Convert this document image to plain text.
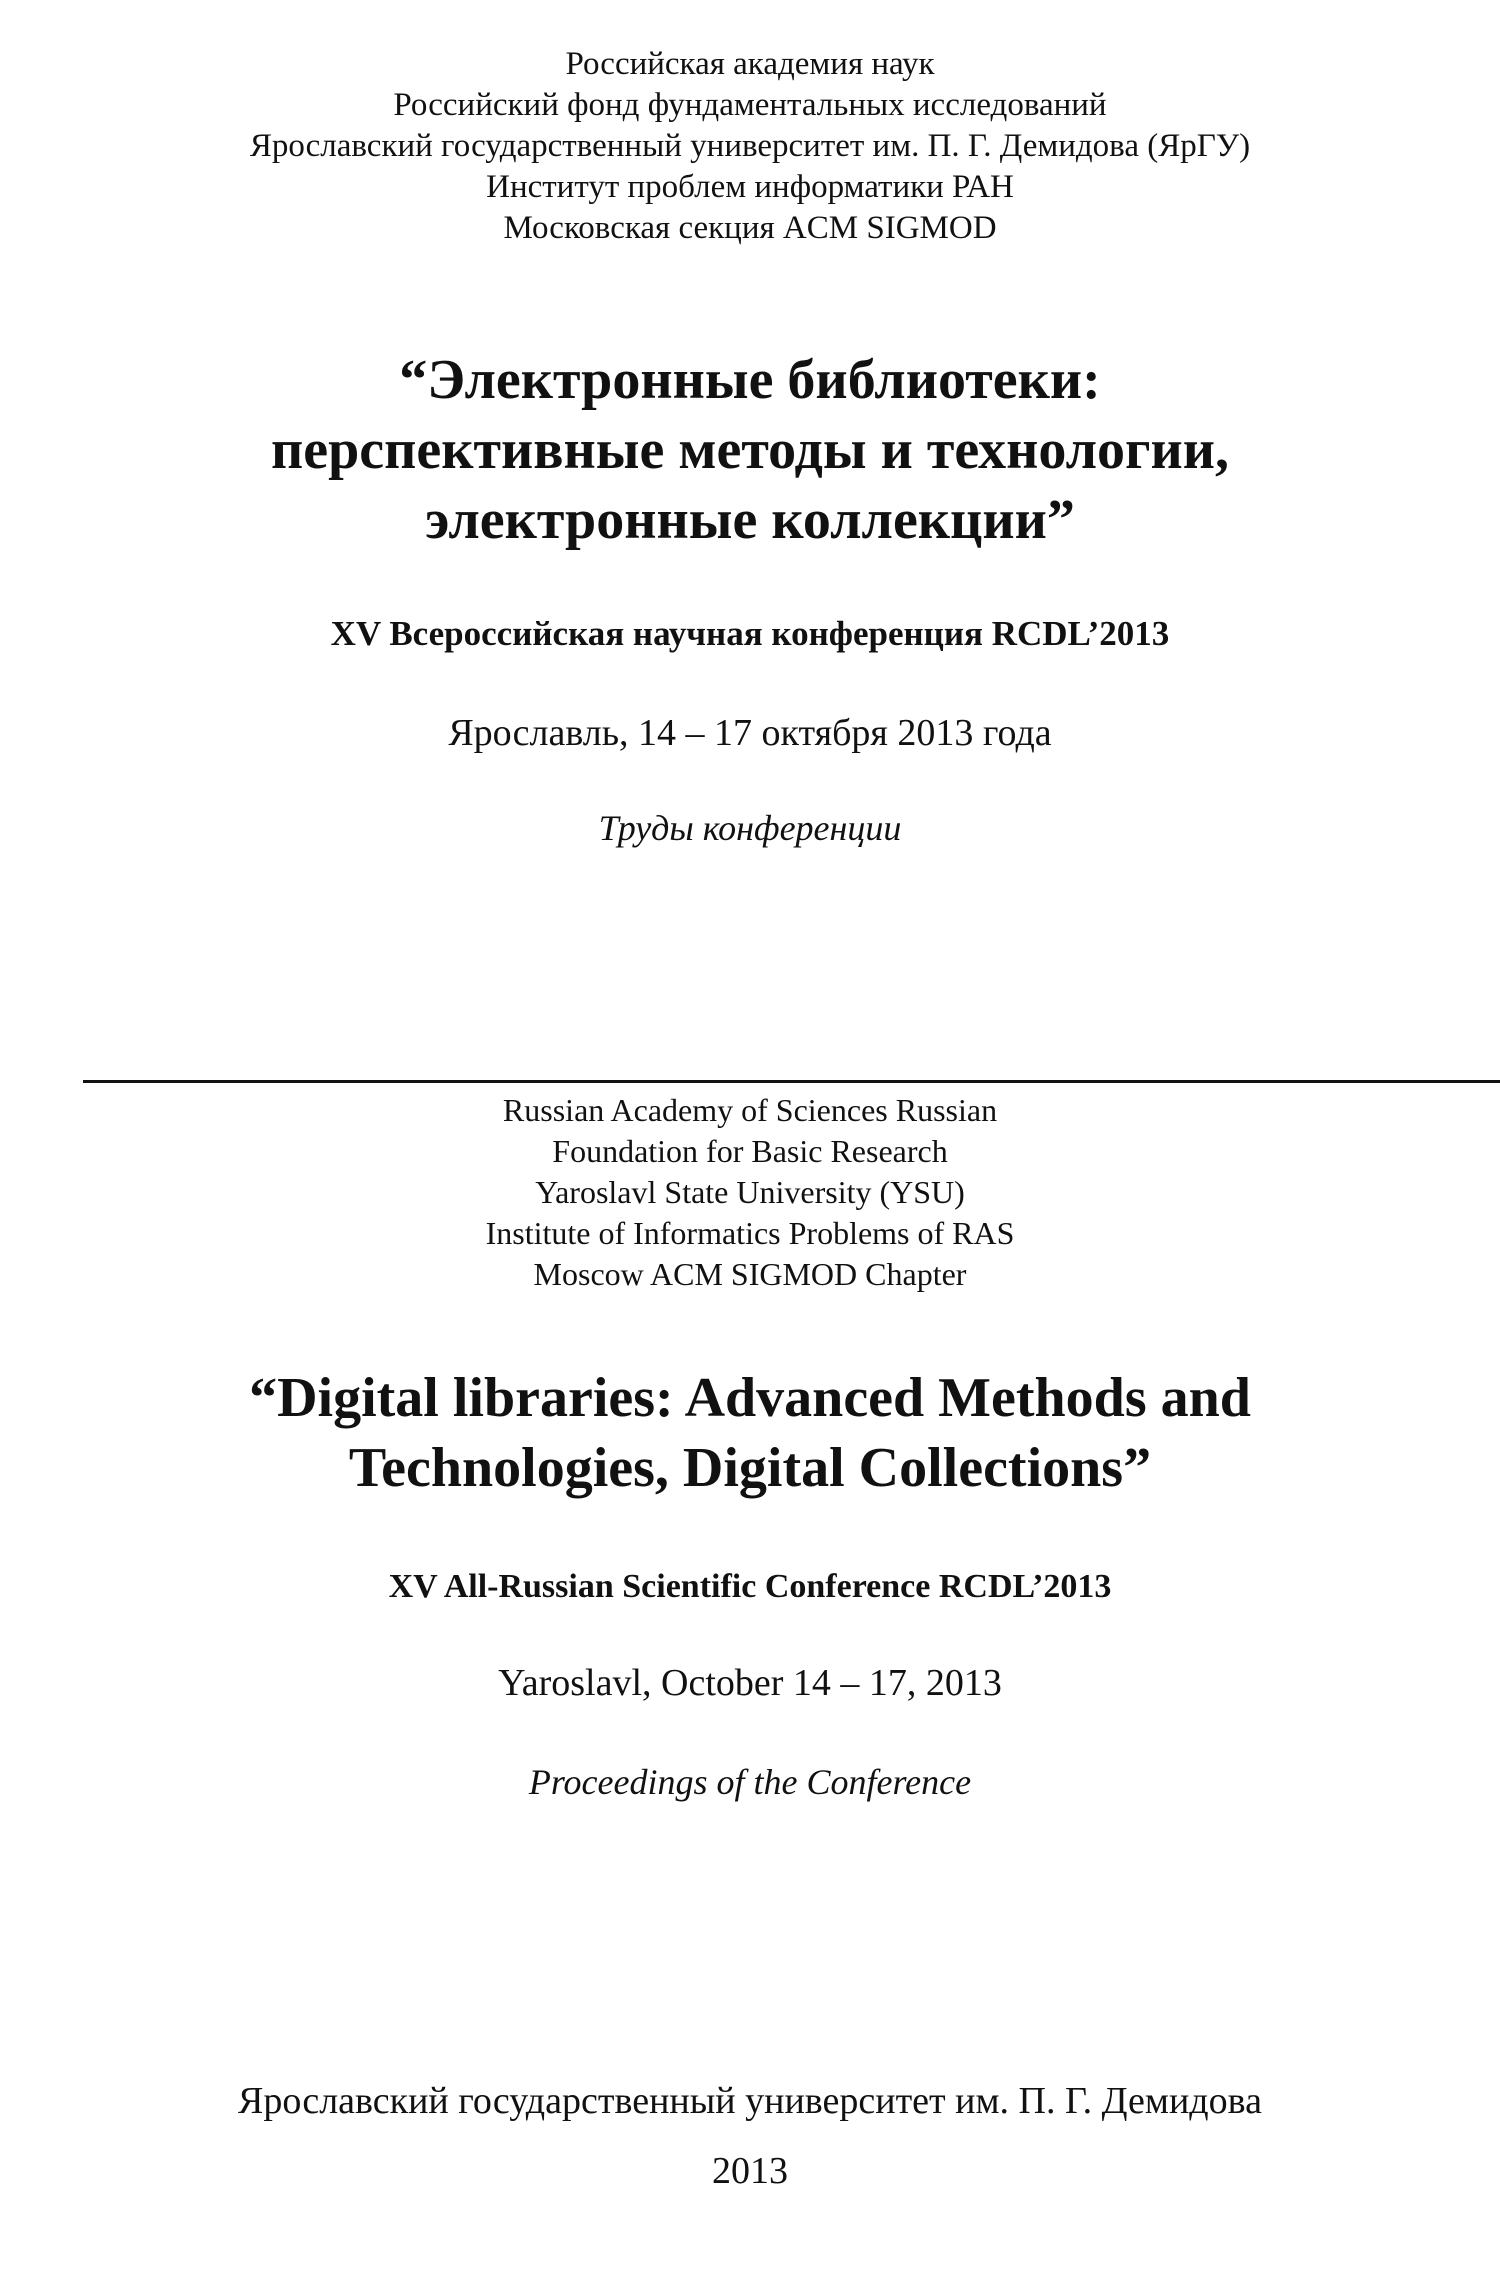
Российская академия наук
Российский фонд фундаментальных исследований
Ярославский государственный университет им. П. Г. Демидова (ЯрГУ)
Институт проблем информатики РАН
Московская секция ACM SIGMOD
“Электронные библиотеки:
перспективные методы и технологии,
электронные коллекции”
XV Всероссийская научная конференция RCDL’2013
Ярославль, 14 – 17 октября 2013 года
Труды конференции
Russian Academy of Sciences Russian
Foundation for Basic Research
Yaroslavl State University (YSU)
Institute of Informatics Problems of RAS
Moscow ACM SIGMOD Chapter
“Digital libraries: Advanced Methods and
Technologies, Digital Collections”
XV All-Russian Scientific Conference RCDL’2013
Yaroslavl, October 14 – 17, 2013
Proceedings of the Conference
Ярославский государственный университет им. П. Г. Демидова
2013
